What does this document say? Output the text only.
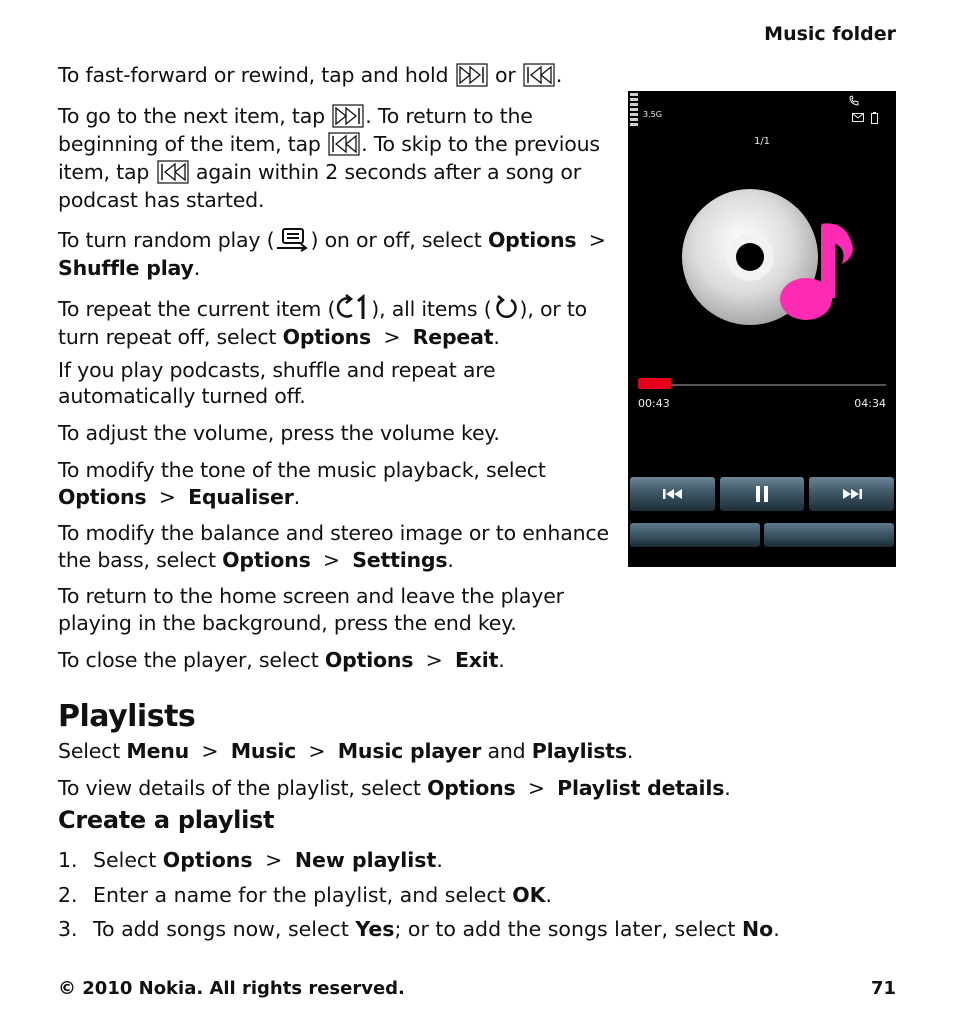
Music folder
To fast-forward or rewind, tap and hold or .
To go to the next item, tap . To return to the
beginning of the item, tap . To skip to the previous
item, tap again within 2 seconds after a song or
podcast has started.
To turn random play ( ) on or off, select Options >
Shuffle play.
To repeat the current item ( ), all items ( ), or to
turn repeat off, select Options > Repeat.
If you play podcasts, shuffle and repeat are
automatically turned off.
To adjust the volume, press the volume key.
To modify the tone of the music playback, select
Options > Equaliser.
To modify the balance and stereo image or to enhance
the bass, select Options > Settings.
To return to the home screen and leave the player
playing in the background, press the end key.
To close the player, select Options > Exit.
Playlists
Select Menu > Music > Music player and Playlists.
To view details of the playlist, select Options > Playlist details.
Create a playlist
1. Select Options > New playlist.
2. Enter a name for the playlist, and select OK.
3. To add songs now, select Yes; or to add the songs later, select No.
© 2010 Nokia. All rights reserved.	71
3.5G
1/1
00:43	04:34
